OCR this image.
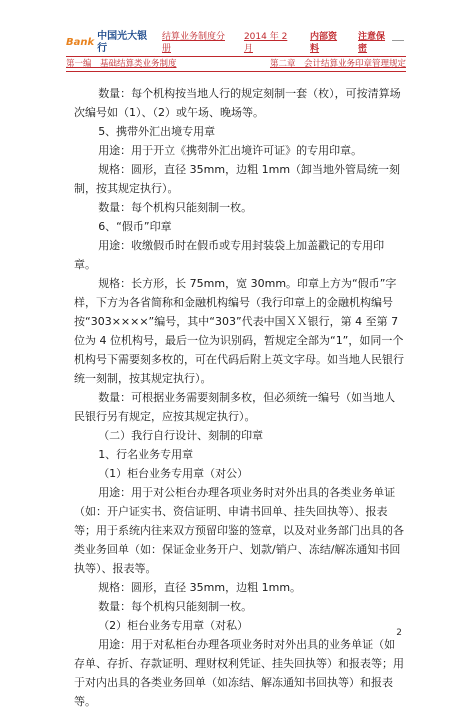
Bank
中国光大银行
结算业务制度分册
2014 年 2 月
内部资料
注意保密
第一编　基础结算类业务制度	第二章　会计结算业务印章管理规定

数量：每个机构按当地人行的规定刻制一套（枚），可按清算场次编号如（1）、（2）或午场、晚场等。

5、携带外汇出境专用章

用途：用于开立《携带外汇出境许可证》的专用印章。

规格：圆形，直径 35mm，边粗 1mm（卸当地外管局统一刻制，按其规定执行）。

数量：每个机构只能刻制一枚。

6、“假币”印章

用途：收缴假币时在假币或专用封装袋上加盖戳记的专用印章。

规格：长方形，长 75mm，宽 30mm。印章上方为“假币”字样，下方为各省简称和金融机构编号（我行印章上的金融机构编号按“303××××”编号，其中“303”代表中国ＸＸ银行，第 4 至第 7 位为 4 位机构号，最后一位为识别码，暂规定全部为“1”，如同一个机构号下需要刻多枚的，可在代码后附上英文字母。如当地人民银行统一刻制，按其规定执行）。

数量：可根据业务需要刻制多枚，但必须统一编号（如当地人民银行另有规定，应按其规定执行）。

（二）我行自行设计、刻制的印章

1、行名业务专用章

（1）柜台业务专用章（对公）

用途：用于对公柜台办理各项业务时对外出具的各类业务单证（如：开户证实书、资信证明、申请书回单、挂失回执等）、报表等；用于系统内往来双方预留印鉴的签章，以及对业务部门出具的各类业务回单（如：保证金业务开户、划款/销户、冻结/解冻通知书回执等）、报表等。

规格：圆形，直径 35mm，边粗 1mm。

数量：每个机构只能刻制一枚。

（2）柜台业务专用章（对私）

用途：用于对私柜台办理各项业务时对外出具的业务单证（如存单、存折、存款证明、理财权利凭证、挂失回执等）和报表等；用于对内出具的各类业务回单（如冻结、解冻通知书回执等）和报表等。

2
